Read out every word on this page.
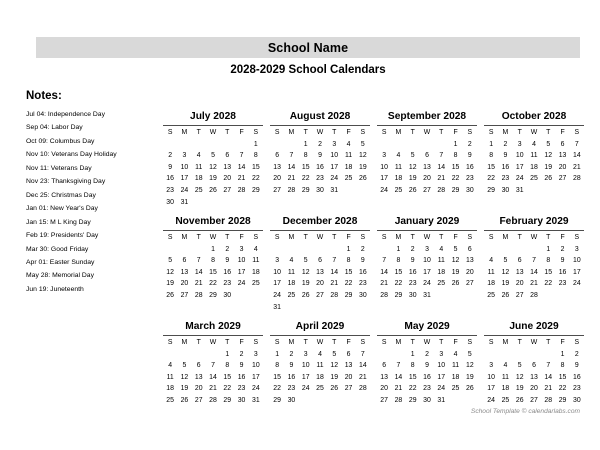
School Name
2028-2029 School Calendars
Notes:
Jul 04: Independence Day
Sep 04: Labor Day
Oct 09: Columbus Day
Nov 10: Veterans Day Holiday
Nov 11: Veterans Day
Nov 23: Thanksgiving Day
Dec 25: Christmas Day
Jan 01: New Year's Day
Jan 15: M L King Day
Feb 19: Presidents' Day
Mar 30: Good Friday
Apr 01: Easter Sunday
May 28: Memorial Day
Jun 19: Juneteenth
July 2028
S	M	T	W	T	F	S
						1
2	3	4	5	6	7	8
9	10	11	12	13	14	15
16	17	18	19	20	21	22
23	24	25	26	27	28	29
30	31					
August 2028
S	M	T	W	T	F	S
		1	2	3	4	5
6	7	8	9	10	11	12
13	14	15	16	17	18	19
20	21	22	23	24	25	26
27	28	29	30	31		

September 2028
S	M	T	W	T	F	S
					1	2
3	4	5	6	7	8	9
10	11	12	13	14	15	16
17	18	19	20	21	22	23
24	25	26	27	28	29	30

October 2028
S	M	T	W	T	F	S
1	2	3	4	5	6	7
8	9	10	11	12	13	14
15	16	17	18	19	20	21
22	23	24	25	26	27	28
29	30	31				

November 2028
S	M	T	W	T	F	S
			1	2	3	4
5	6	7	8	9	10	11
12	13	14	15	16	17	18
19	20	21	22	23	24	25
26	27	28	29	30		

December 2028
S	M	T	W	T	F	S
					1	2
3	4	5	6	7	8	9
10	11	12	13	14	15	16
17	18	19	20	21	22	23
24	25	26	27	28	29	30
31						
January 2029
S	M	T	W	T	F	S
	1	2	3	4	5	6
7	8	9	10	11	12	13
14	15	16	17	18	19	20
21	22	23	24	25	26	27
28	29	30	31			

February 2029
S	M	T	W	T	F	S
				1	2	3
4	5	6	7	8	9	10
11	12	13	14	15	16	17
18	19	20	21	22	23	24
25	26	27	28			

March 2029
S	M	T	W	T	F	S
				1	2	3
4	5	6	7	8	9	10
11	12	13	14	15	16	17
18	19	20	21	22	23	24
25	26	27	28	29	30	31

April 2029
S	M	T	W	T	F	S
1	2	3	4	5	6	7
8	9	10	11	12	13	14
15	16	17	18	19	20	21
22	23	24	25	26	27	28
29	30					

May 2029
S	M	T	W	T	F	S
		1	2	3	4	5
6	7	8	9	10	11	12
13	14	15	16	17	18	19
20	21	22	23	24	25	26
27	28	29	30	31		

June 2029
S	M	T	W	T	F	S
					1	2
3	4	5	6	7	8	9
10	11	12	13	14	15	16
17	18	19	20	21	22	23
24	25	26	27	28	29	30

School Template © calendarlabs.com
